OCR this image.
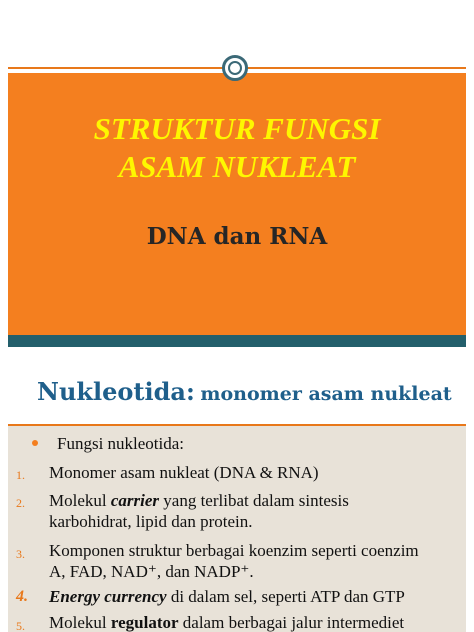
STRUKTUR FUNGSI
ASAM NUKLEAT
DNA dan RNA
Nukleotida: monomer asam nukleat
Fungsi nukleotida:
1.	Monomer asam nukleat (DNA & RNA)
2.	Molekul carrier yang terlibat dalam sintesis
karbohidrat, lipid dan protein.
3.	Komponen struktur berbagai koenzim seperti coenzim
A, FAD, NAD⁺, dan NADP⁺.
4.	Energy currency di dalam sel, seperti ATP dan GTP
5.	Molekul regulator dalam berbagai jalur intermediet
